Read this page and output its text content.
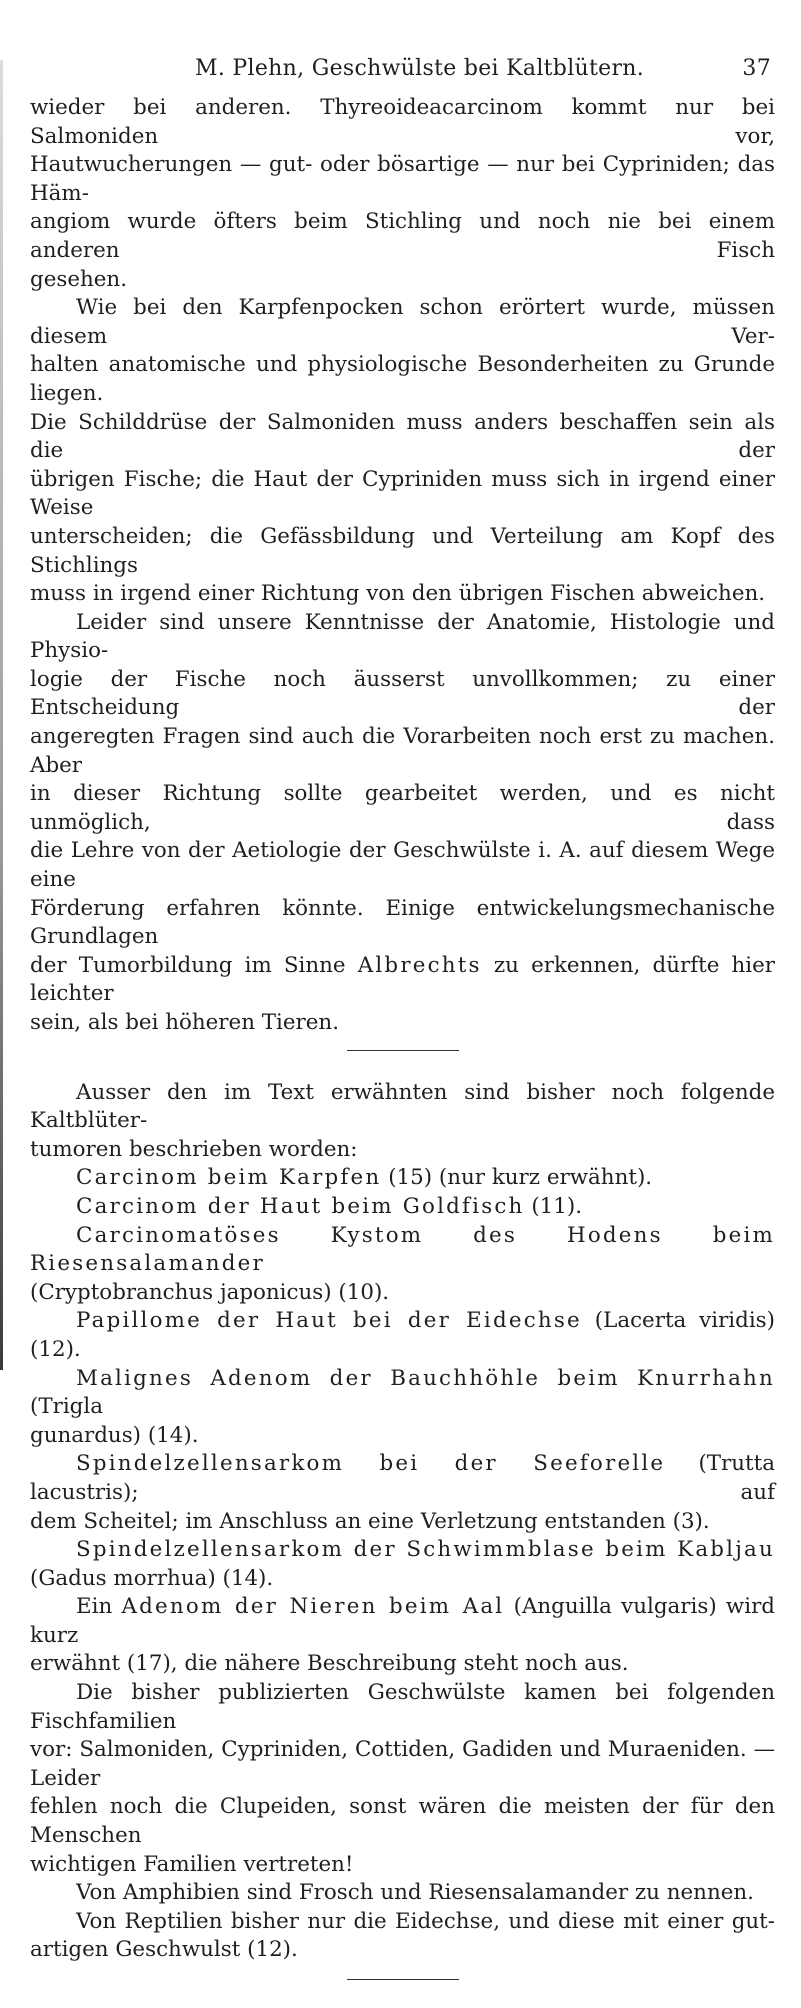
M. Plehn, Geschwülste bei Kaltblütern.	37

wieder bei anderen. Thyreoideacarcinom kommt nur bei Salmoniden vor,
Hautwucherungen — gut- oder bösartige — nur bei Cypriniden; das Häm-
angiom wurde öfters beim Stichling und noch nie bei einem anderen Fisch

gesehen.

Wie bei den Karpfenpocken schon erörtert wurde, müssen diesem Ver-
halten anatomische und physiologische Besonderheiten zu Grunde liegen.
Die Schilddrüse der Salmoniden muss anders beschaffen sein als die der
übrigen Fische; die Haut der Cypriniden muss sich in irgend einer Weise
unterscheiden; die Gefässbildung und Verteilung am Kopf des Stichlings

muss in irgend einer Richtung von den übrigen Fischen abweichen.

Leider sind unsere Kenntnisse der Anatomie, Histologie und Physio-
logie der Fische noch äusserst unvollkommen; zu einer Entscheidung der
angeregten Fragen sind auch die Vorarbeiten noch erst zu machen. Aber
in dieser Richtung sollte gearbeitet werden, und es nicht unmöglich, dass
die Lehre von der Aetiologie der Geschwülste i. A. auf diesem Wege eine
Förderung erfahren könnte. Einige entwickelungsmechanische Grundlagen
der Tumorbildung im Sinne Albrechts zu erkennen, dürfte hier leichter

sein, als bei höheren Tieren.

Ausser den im Text erwähnten sind bisher noch folgende Kaltblüter-

tumoren beschrieben worden:

Carcinom beim Karpfen (15) (nur kurz erwähnt).

Carcinom der Haut beim Goldfisch (11).

Carcinomatöses Kystom des Hodens beim Riesensalamander

(Cryptobranchus japonicus) (10).

Papillome der Haut bei der Eidechse (Lacerta viridis) (12).

Malignes Adenom der Bauchhöhle beim Knurrhahn (Trigla

gunardus) (14).

Spindelzellensarkom bei der Seeforelle (Trutta lacustris); auf

dem Scheitel; im Anschluss an eine Verletzung entstanden (3).

Spindelzellensarkom der Schwimmblase beim Kabljau

(Gadus morrhua) (14).

Ein Adenom der Nieren beim Aal (Anguilla vulgaris) wird kurz

erwähnt (17), die nähere Beschreibung steht noch aus.

Die bisher publizierten Geschwülste kamen bei folgenden Fischfamilien
vor: Salmoniden, Cypriniden, Cottiden, Gadiden und Muraeniden. — Leider
fehlen noch die Clupeiden, sonst wären die meisten der für den Menschen

wichtigen Familien vertreten!

Von Amphibien sind Frosch und Riesensalamander zu nennen.

Von Reptilien bisher nur die Eidechse, und diese mit einer gut-

artigen Geschwulst (12).
